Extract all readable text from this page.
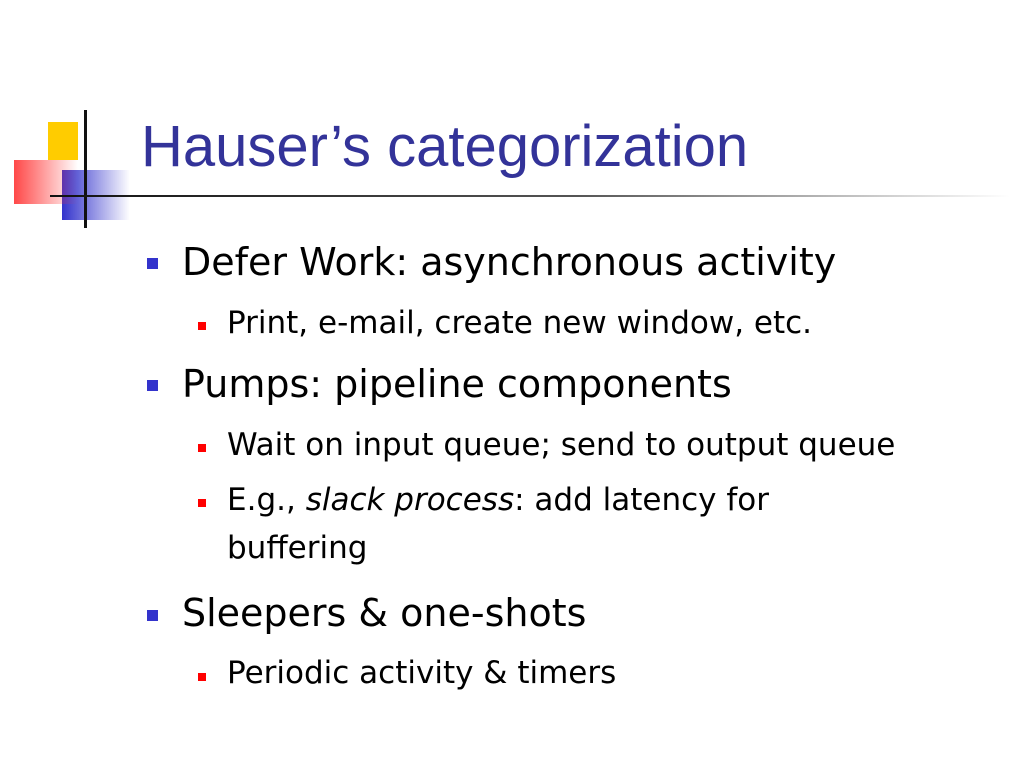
Hauser’s categorization
Defer Work: asynchronous activity
Print, e-mail, create new window, etc.
Pumps: pipeline components
Wait on input queue; send to output queue
E.g., slack process: add latency for
buffering
Sleepers & one-shots
Periodic activity & timers
